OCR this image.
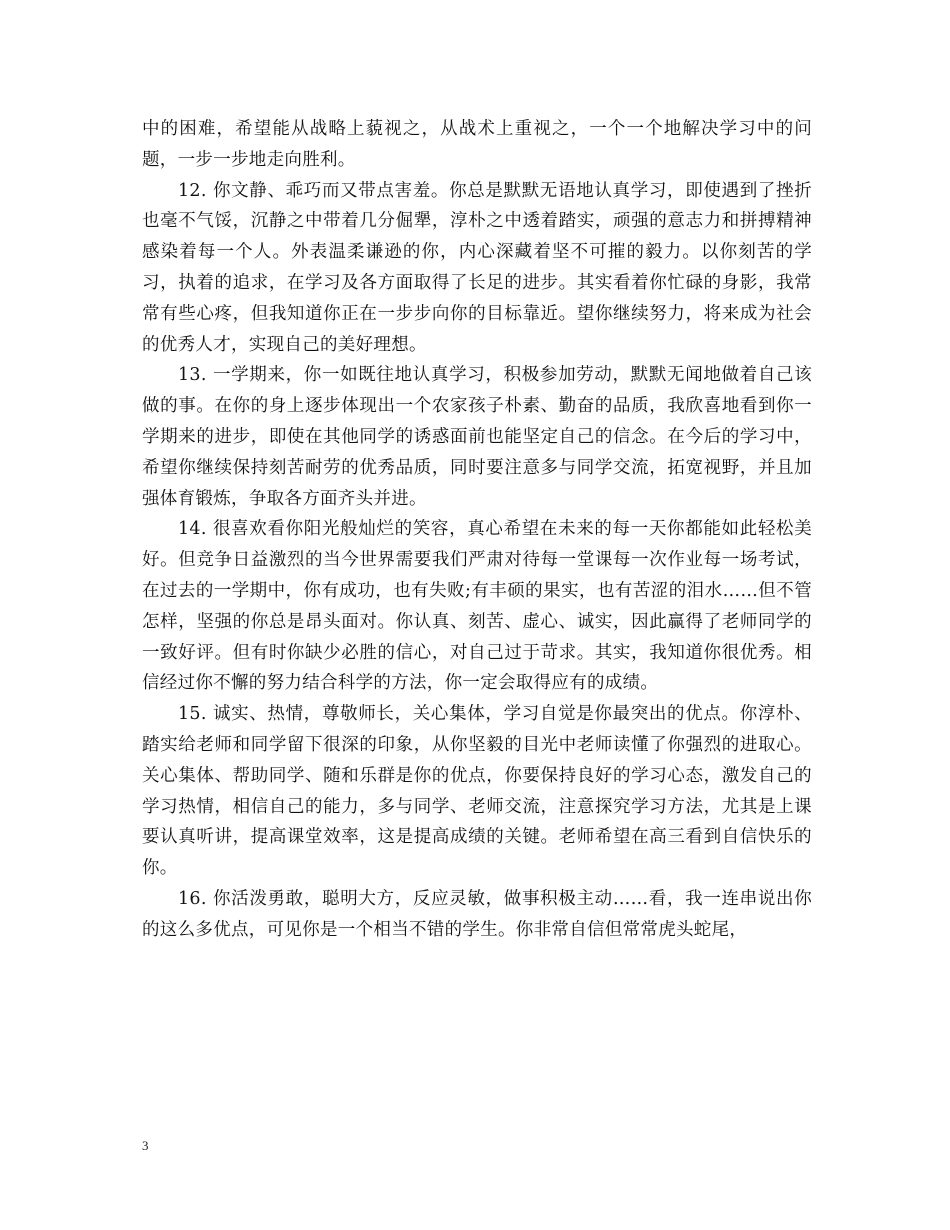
中的困难，希望能从战略上藐视之，从战术上重视之，一个一个地解决学习中的问题，一步一步地走向胜利。

12. 你文静、乖巧而又带点害羞。你总是默默无语地认真学习，即使遇到了挫折也毫不气馁，沉静之中带着几分倔犟，淳朴之中透着踏实，顽强的意志力和拼搏精神感染着每一个人。外表温柔谦逊的你，内心深藏着坚不可摧的毅力。以你刻苦的学习，执着的追求，在学习及各方面取得了长足的进步。其实看着你忙碌的身影，我常常有些心疼，但我知道你正在一步步向你的目标靠近。望你继续努力，将来成为社会的优秀人才，实现自己的美好理想。

13. 一学期来，你一如既往地认真学习，积极参加劳动，默默无闻地做着自己该做的事。在你的身上逐步体现出一个农家孩子朴素、勤奋的品质，我欣喜地看到你一学期来的进步，即使在其他同学的诱惑面前也能坚定自己的信念。在今后的学习中，希望你继续保持刻苦耐劳的优秀品质，同时要注意多与同学交流，拓宽视野，并且加强体育锻炼，争取各方面齐头并进。

14. 很喜欢看你阳光般灿烂的笑容，真心希望在未来的每一天你都能如此轻松美好。但竞争日益激烈的当今世界需要我们严肃对待每一堂课每一次作业每一场考试，在过去的一学期中，你有成功，也有失败;有丰硕的果实，也有苦涩的泪水……但不管怎样，坚强的你总是昂头面对。你认真、刻苦、虚心、诚实，因此赢得了老师同学的一致好评。但有时你缺少必胜的信心，对自己过于苛求。其实，我知道你很优秀。相信经过你不懈的努力结合科学的方法，你一定会取得应有的成绩。

15. 诚实、热情，尊敬师长，关心集体，学习自觉是你最突出的优点。你淳朴、踏实给老师和同学留下很深的印象，从你坚毅的目光中老师读懂了你强烈的进取心。关心集体、帮助同学、随和乐群是你的优点，你要保持良好的学习心态，激发自己的学习热情，相信自己的能力，多与同学、老师交流，注意探究学习方法，尤其是上课要认真听讲，提高课堂效率，这是提高成绩的关键。老师希望在高三看到自信快乐的你。

16. 你活泼勇敢，聪明大方，反应灵敏，做事积极主动……看，我一连串说出你的这么多优点，可见你是一个相当不错的学生。你非常自信但常常虎头蛇尾，

3
